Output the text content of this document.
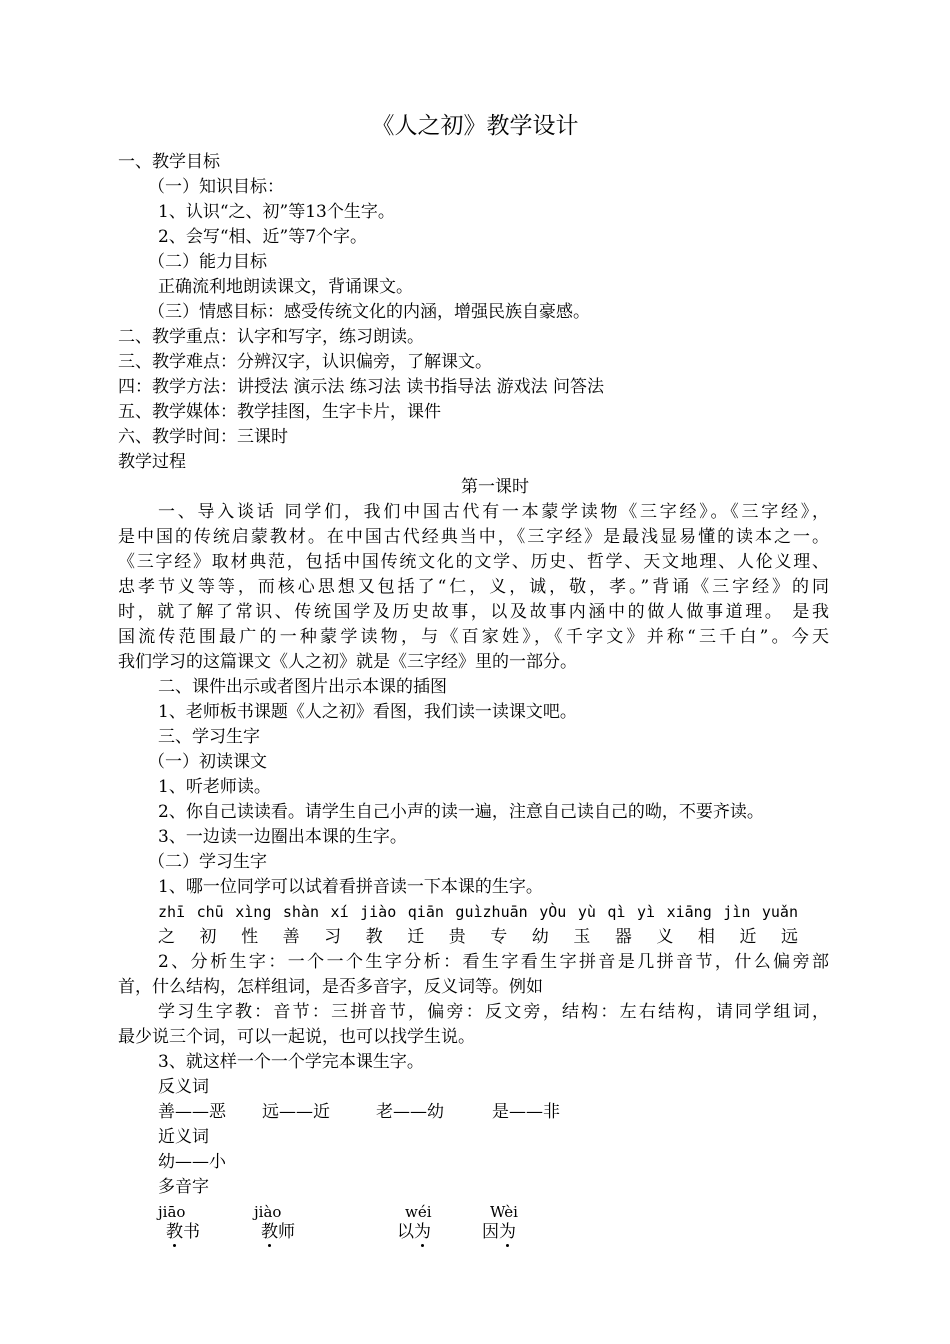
《人之初》教学设计
一、教学目标
（一）知识目标：
1、认识“之、初”等13个生字。
2、会写“相、近”等7个字。
（二）能力目标
正确流利地朗读课文，背诵课文。
（三）情感目标：感受传统文化的内涵，增强民族自豪感。
二、教学重点：认字和写字，练习朗读。
三、教学难点：分辨汉字，认识偏旁，了解课文。
四：教学方法：讲授法 演示法 练习法 读书指导法 游戏法 问答法
五、教学媒体：教学挂图，生字卡片，课件
六、教学时间：三课时
教学过程
第一课时
一、导入谈话 同学们，我们中国古代有一本蒙学读物《三字经》。《三字经》，
是中国的传统启蒙教材。在中国古代经典当中，《三字经》是最浅显易懂的读本之一。
《三字经》取材典范，包括中国传统文化的文学、历史、哲学、天文地理、人伦义理、
忠孝节义等等，而核心思想又包括了“仁，义，诚，敬，孝。”背诵《三字经》的同
时，就了解了常识、传统国学及历史故事，以及故事内涵中的做人做事道理。 是我
国流传范围最广的一种蒙学读物，与《百家姓》，《千字文》并称“三千白”。今天
我们学习的这篇课文《人之初》就是《三字经》里的一部分。
二、课件出示或者图片出示本课的插图
1、老师板书课题《人之初》看图，我们读一读课文吧。
三、学习生字
（一）初读课文
1、听老师读。
2、你自己读读看。请学生自己小声的读一遍，注意自己读自己的呦，不要齐读。
3、一边读一边圈出本课的生字。
（二）学习生字
1、哪一位同学可以试着看拼音读一下本课的生字。
zhī chū xìng shàn xí jiào qiān guìzhuān yÒu yù qì yì xiāng jìn yuǎn
之 初 性 善 习 教 迁 贵 专 幼 玉 器 义 相 近 远
2、分析生字：一个一个生字分析：看生字看生字拼音是几拼音节，什么偏旁部
首，什么结构，怎样组词，是否多音字，反义词等。例如
学习生字教：音节：三拼音节，偏旁：反文旁，结构：左右结构，请同学组词，
最少说三个词，可以一起说，也可以找学生说。
3、就这样一个一个学完本课生字。
反义词
善——恶 远——近	老——幼	是——非
近义词
幼——小
多音字
jiāo	jiào	wéi	Wèi
教书	教师	以为	因为
